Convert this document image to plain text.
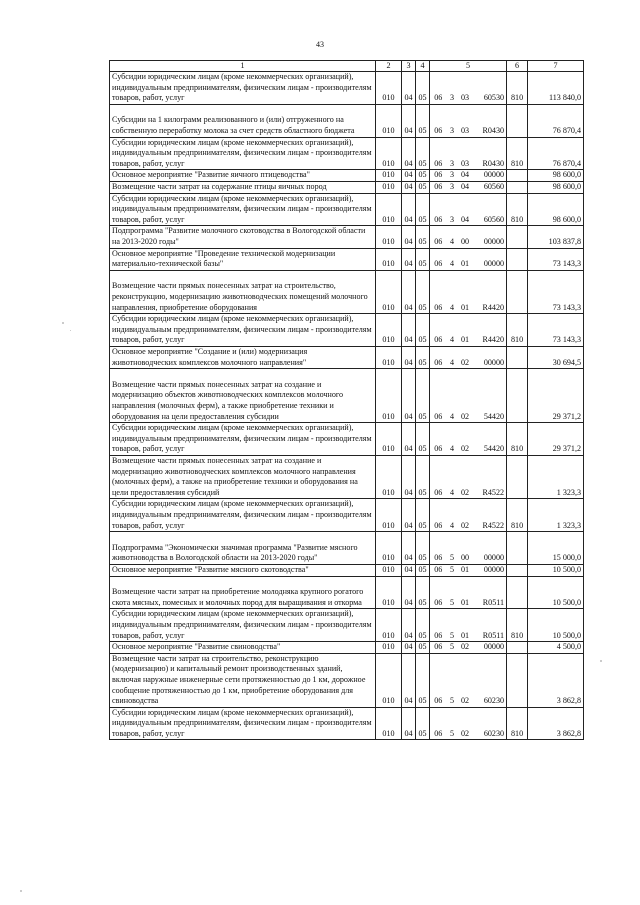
43
1	2	3	4	5				6	7
Субсидии юридическим лицам (кроме некоммерческих организаций), индивидуальным предпринимателям, физическим лицам - производителям товаров, работ, услуг	010	04	05	06	3	03	60530	810	113 840,0
Субсидии на 1 килограмм реализованного и (или) отгруженного на собственную переработку молока за счет средств областного бюджета	010	04	05	06	3	03	R0430		76 870,4
Субсидии юридическим лицам (кроме некоммерческих организаций), индивидуальным предпринимателям, физическим лицам - производителям товаров, работ, услуг	010	04	05	06	3	03	R0430	810	76 870,4
Основное мероприятие "Развитие яичного птицеводства"	010	04	05	06	3	04	00000		98 600,0
Возмещение части затрат на содержание птицы яичных пород	010	04	05	06	3	04	60560		98 600,0
Субсидии юридическим лицам (кроме некоммерческих организаций), индивидуальным предпринимателям, физическим лицам - производителям товаров, работ, услуг	010	04	05	06	3	04	60560	810	98 600,0
Подпрограмма "Развитие молочного скотоводства в Вологодской области на 2013-2020 годы"	010	04	05	06	4	00	00000		103 837,8
Основное мероприятие "Проведение технической модернизации материально-технической базы"	010	04	05	06	4	01	00000		73 143,3
Возмещение части прямых понесенных затрат на строительство, реконструкцию, модернизацию животноводческих помещений молочного направления, приобретение оборудования	010	04	05	06	4	01	R4420		73 143,3
Субсидии юридическим лицам (кроме некоммерческих организаций), индивидуальным предпринимателям, физическим лицам - производителям товаров, работ, услуг	010	04	05	06	4	01	R4420	810	73 143,3
Основное мероприятие "Создание и (или) модернизация животноводческих комплексов молочного направления"	010	04	05	06	4	02	00000		30 694,5
Возмещение части прямых понесенных затрат на создание и модернизацию объектов животноводческих комплексов молочного направления (молочных ферм), а также приобретение техники и оборудования на цели предоставления субсидии	010	04	05	06	4	02	54420		29 371,2
Субсидии юридическим лицам (кроме некоммерческих организаций), индивидуальным предпринимателям, физическим лицам - производителям товаров, работ, услуг	010	04	05	06	4	02	54420	810	29 371,2
Возмещение части прямых понесенных затрат на создание и модернизацию животноводческих комплексов молочного направления (молочных ферм), а также на приобретение техники и оборудования на цели предоставления субсидий	010	04	05	06	4	02	R4522		1 323,3
Субсидии юридическим лицам (кроме некоммерческих организаций), индивидуальным предпринимателям, физическим лицам - производителям товаров, работ, услуг	010	04	05	06	4	02	R4522	810	1 323,3
Подпрограмма "Экономически значимая программа "Развитие мясного животноводства в Вологодской области на 2013-2020 годы"	010	04	05	06	5	00	00000		15 000,0
Основное мероприятие "Развитие мясного скотоводства"	010	04	05	06	5	01	00000		10 500,0
Возмещение части затрат на приобретение молодняка крупного рогатого скота мясных, помесных и молочных пород для выращивания и откорма	010	04	05	06	5	01	R0511		10 500,0
Субсидии юридическим лицам (кроме некоммерческих организаций), индивидуальным предпринимателям, физическим лицам - производителям товаров, работ, услуг	010	04	05	06	5	01	R0511	810	10 500,0
Основное мероприятие "Развитие свиноводства"	010	04	05	06	5	02	00000		4 500,0
Возмещение части затрат на строительство, реконструкцию (модернизацию) и капитальный ремонт производственных зданий, включая наружные инженерные сети протяженностью до 1 км, дорожное сообщение протяженностью до 1 км, приобретение оборудования для свиноводства	010	04	05	06	5	02	60230		3 862,8
Субсидии юридическим лицам (кроме некоммерческих организаций), индивидуальным предпринимателям, физическим лицам - производителям товаров, работ, услуг	010	04	05	06	5	02	60230	810	3 862,8
